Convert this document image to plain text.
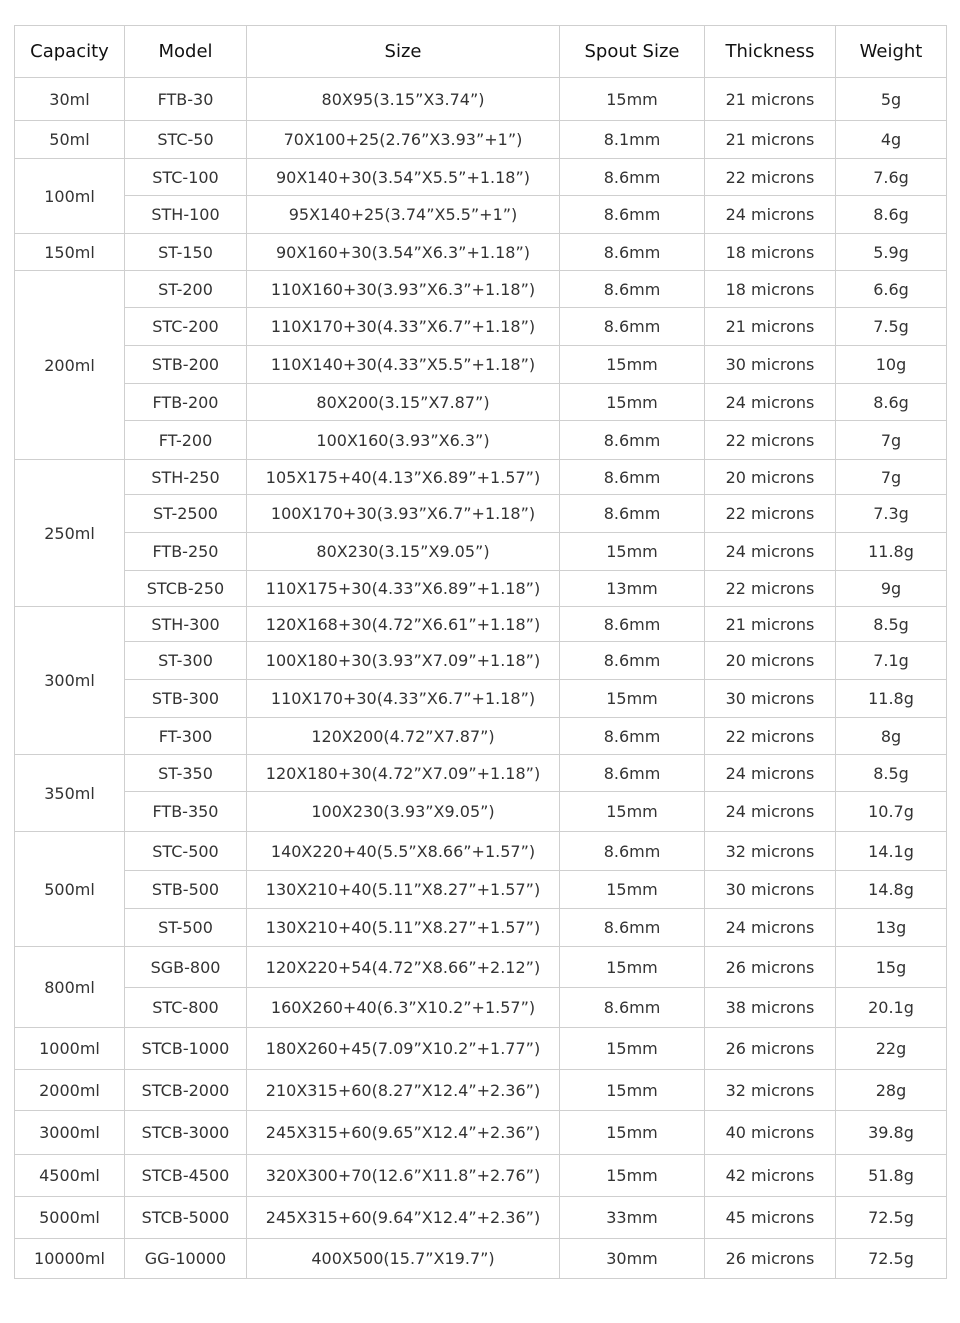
Capacity	Model	Size	Spout Size	Thickness	Weight
30ml	FTB-30	80X95(3.15”X3.74”)	15mm	21 microns	5g
50ml	STC-50	70X100+25(2.76”X3.93”+1”)	8.1mm	21 microns	4g
100ml	STC-100	90X140+30(3.54”X5.5”+1.18”)	8.6mm	22 microns	7.6g
	STH-100	95X140+25(3.74”X5.5”+1”)	8.6mm	24 microns	8.6g
150ml	ST-150	90X160+30(3.54”X6.3”+1.18”)	8.6mm	18 microns	5.9g
200ml	ST-200	110X160+30(3.93”X6.3”+1.18”)	8.6mm	18 microns	6.6g
	STC-200	110X170+30(4.33”X6.7”+1.18”)	8.6mm	21 microns	7.5g
	STB-200	110X140+30(4.33”X5.5”+1.18”)	15mm	30 microns	10g
	FTB-200	80X200(3.15”X7.87”)	15mm	24 microns	8.6g
	FT-200	100X160(3.93”X6.3”)	8.6mm	22 microns	7g
250ml	STH-250	105X175+40(4.13”X6.89”+1.57”)	8.6mm	20 microns	7g
	ST-2500	100X170+30(3.93”X6.7”+1.18”)	8.6mm	22 microns	7.3g
	FTB-250	80X230(3.15”X9.05”)	15mm	24 microns	11.8g
	STCB-250	110X175+30(4.33”X6.89”+1.18”)	13mm	22 microns	9g
300ml	STH-300	120X168+30(4.72”X6.61”+1.18”)	8.6mm	21 microns	8.5g
	ST-300	100X180+30(3.93”X7.09”+1.18”)	8.6mm	20 microns	7.1g
	STB-300	110X170+30(4.33”X6.7”+1.18”)	15mm	30 microns	11.8g
	FT-300	120X200(4.72”X7.87”)	8.6mm	22 microns	8g
350ml	ST-350	120X180+30(4.72”X7.09”+1.18”)	8.6mm	24 microns	8.5g
	FTB-350	100X230(3.93”X9.05”)	15mm	24 microns	10.7g
500ml	STC-500	140X220+40(5.5”X8.66”+1.57”)	8.6mm	32 microns	14.1g
	STB-500	130X210+40(5.11”X8.27”+1.57”)	15mm	30 microns	14.8g
	ST-500	130X210+40(5.11”X8.27”+1.57”)	8.6mm	24 microns	13g
800ml	SGB-800	120X220+54(4.72”X8.66”+2.12”)	15mm	26 microns	15g
	STC-800	160X260+40(6.3”X10.2”+1.57”)	8.6mm	38 microns	20.1g
1000ml	STCB-1000	180X260+45(7.09”X10.2”+1.77”)	15mm	26 microns	22g
2000ml	STCB-2000	210X315+60(8.27”X12.4”+2.36”)	15mm	32 microns	28g
3000ml	STCB-3000	245X315+60(9.65”X12.4”+2.36”)	15mm	40 microns	39.8g
4500ml	STCB-4500	320X300+70(12.6”X11.8”+2.76”)	15mm	42 microns	51.8g
5000ml	STCB-5000	245X315+60(9.64”X12.4”+2.36”)	33mm	45 microns	72.5g
10000ml	GG-10000	400X500(15.7”X19.7”)	30mm	26 microns	72.5g
